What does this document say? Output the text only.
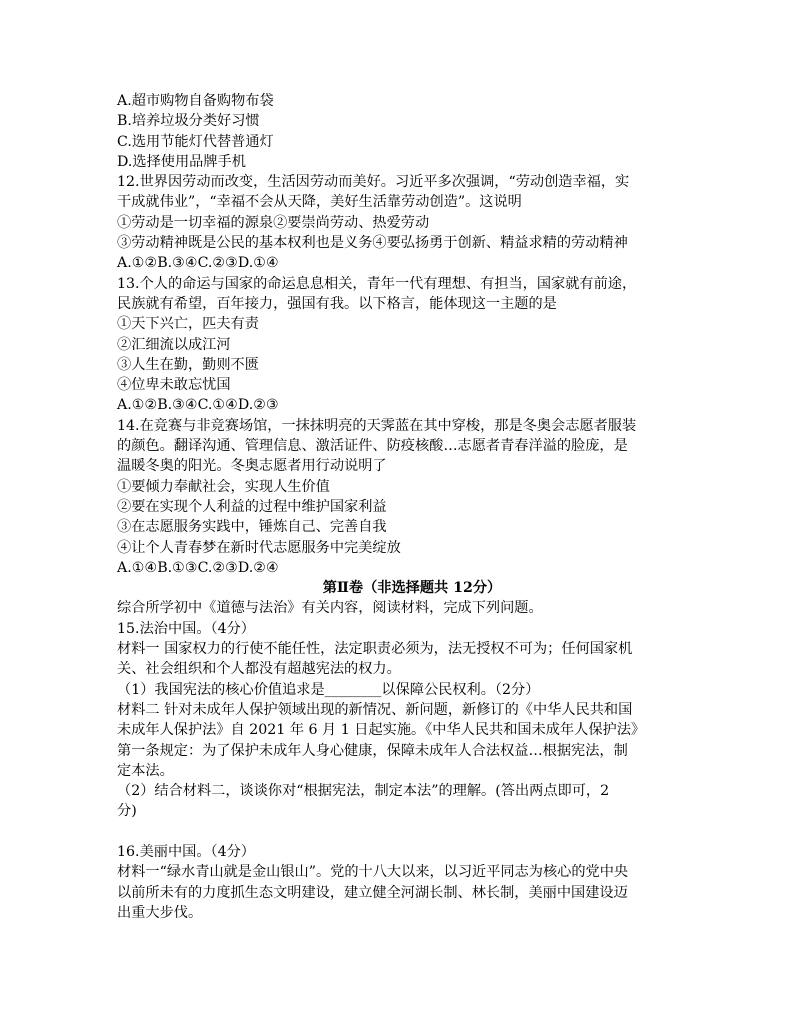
A.超市购物自备购物布袋
B.培养垃圾分类好习惯
C.选用节能灯代替普通灯
D.选择使用品牌手机
12.世界因劳动而改变，生活因劳动而美好。习近平多次强调，“劳动创造幸福，实
干成就伟业”，“幸福不会从天降，美好生活靠劳动创造”。这说明
①劳动是一切幸福的源泉②要崇尚劳动、热爱劳动
③劳动精神既是公民的基本权利也是义务④要弘扬勇于创新、精益求精的劳动精神
A.①②B.③④C.②③D.①④
13.个人的命运与国家的命运息息相关，青年一代有理想、有担当，国家就有前途，
民族就有希望，百年接力，强国有我。以下格言，能体现这一主题的是
①天下兴亡，匹夫有责
②汇细流以成江河
③人生在勤，勤则不匮
④位卑未敢忘忧国
A.①②B.③④C.①④D.②③
14.在竞赛与非竞赛场馆，一抹抹明亮的天霁蓝在其中穿梭，那是冬奥会志愿者服装
的颜色。翻译沟通、管理信息、激活证件、防疫核酸…志愿者青春洋溢的脸庞，是
温暖冬奥的阳光。冬奥志愿者用行动说明了
①要倾力奉献社会，实现人生价值
②要在实现个人利益的过程中维护国家利益
③在志愿服务实践中，锤炼自己、完善自我
④让个人青春梦在新时代志愿服务中完美绽放
A.①④B.①③C.②③D.②④
第Ⅱ卷（非选择题共 12分）
综合所学初中《道德与法治》有关内容，阅读材料，完成下列问题。
15.法治中国。（4分）
材料一 国家权力的行使不能任性，法定职责必须为，法无授权不可为；任何国家机
关、社会组织和个人都没有超越宪法的权力。
（1）我国宪法的核心价值追求是________以保障公民权利。（2分）
材料二 针对未成年人保护领域出现的新情况、新问题，新修订的《中华人民共和国
未成年人保护法》自 2021 年 6 月 1 日起实施。《中华人民共和国未成年人保护法》
第一条规定：为了保护未成年人身心健康，保障未成年人合法权益…根据宪法，制
定本法。
（2）结合材料二，谈谈你对“根据宪法，制定本法”的理解。(答出两点即可，2
分)
16.美丽中国。（4分）
材料一“绿水青山就是金山银山”。党的十八大以来，以习近平同志为核心的党中央
以前所未有的力度抓生态文明建设，建立健全河湖长制、林长制，美丽中国建设迈
出重大步伐。
